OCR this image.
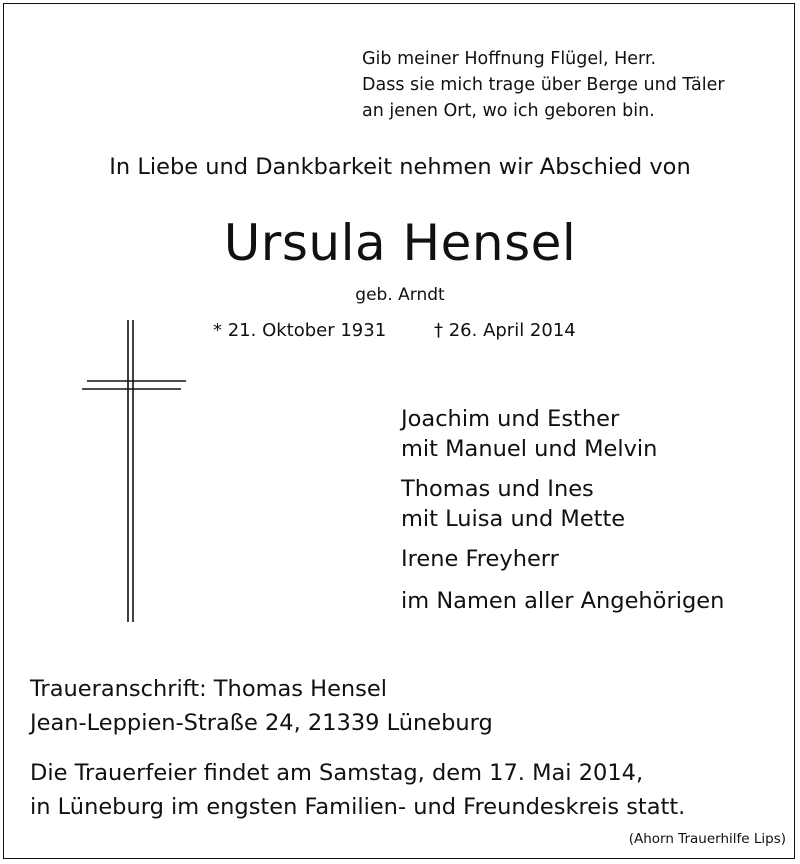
Gib meiner Hoffnung Flügel, Herr.
Dass sie mich trage über Berge und Täler
an jenen Ort, wo ich geboren bin.

In Liebe und Dankbarkeit nehmen wir Abschied von

Ursula Hensel

geb. Arndt

* 21. Oktober 1931	† 26. April 2014

Joachim und Esther
mit Manuel und Melvin
Thomas und Ines
mit Luisa und Mette
Irene Freyherr
im Namen aller Angehörigen
Traueranschrift: Thomas Hensel
Jean-Leppien-Straße 24, 21339 Lüneburg
Die Trauerfeier findet am Samstag, dem 17. Mai 2014,
in Lüneburg im engsten Familien- und Freundeskreis statt.

(Ahorn Trauerhilfe Lips)
